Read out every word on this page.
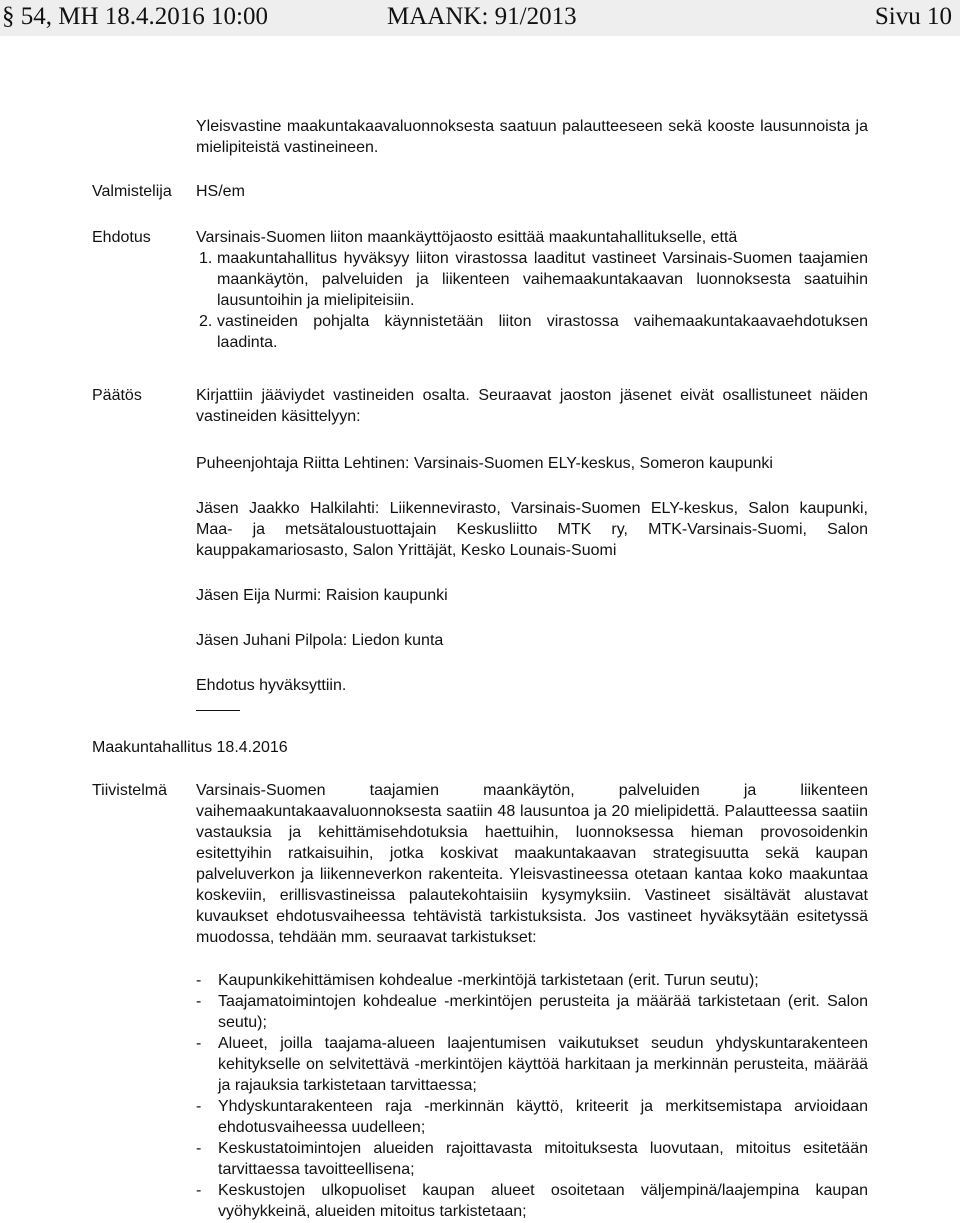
§ 54, MH 18.4.2016 10:00	MAANK: 91/2013	Sivu 10

Yleisvastine maakuntakaavaluonnoksesta saatuun palautteeseen sekä kooste lausunnoista ja mielipiteistä vastineineen.

Valmistelija HS/em

Ehdotus	Varsinais-Suomen liiton maankäyttöjaosto esittää maakuntahallitukselle, että

1. maakuntahallitus hyväksyy liiton virastossa laaditut vastineet Varsinais-Suomen taajamien maankäytön, palveluiden ja liikenteen vaihemaakuntakaavan luonnoksesta saatuihin lausuntoihin ja mielipiteisiin.
2. vastineiden pohjalta käynnistetään liiton virastossa vaihemaakuntakaavaehdotuksen laadinta.
Päätös	Kirjattiin jääviydet vastineiden osalta. Seuraavat jaoston jäsenet eivät osallistuneet näiden vastineiden käsittelyyn:

Puheenjohtaja Riitta Lehtinen: Varsinais-Suomen ELY-keskus, Someron kaupunki

Jäsen Jaakko Halkilahti: Liikennevirasto, Varsinais-Suomen ELY-keskus, Salon kaupunki, Maa- ja metsätaloustuottajain Keskusliitto MTK ry, MTK-Varsinais-Suomi, Salon kauppakamariosasto, Salon Yrittäjät, Kesko Lounais-Suomi

Jäsen Eija Nurmi: Raision kaupunki

Jäsen Juhani Pilpola: Liedon kunta

Ehdotus hyväksyttiin.

Maakuntahallitus 18.4.2016
Tiivistelmä Varsinais-Suomen taajamien maankäytön, palveluiden ja liikenteen vaihemaakuntakaavaluonnoksesta saatiin 48 lausuntoa ja 20 mielipidettä. Palautteessa saatiin vastauksia ja kehittämisehdotuksia haettuihin, luonnoksessa hieman provosoidenkin esitettyihin ratkaisuihin, jotka koskivat maakuntakaavan strategisuutta sekä kaupan palveluverkon ja liikenneverkon rakenteita. Yleisvastineessa otetaan kantaa koko maakuntaa koskeviin, erillisvastineissa palautekohtaisiin kysymyksiin. Vastineet sisältävät alustavat kuvaukset ehdotusvaiheessa tehtävistä tarkistuksista. Jos vastineet hyväksytään esitetyssä muodossa, tehdään mm. seuraavat tarkistukset:

- Kaupunkikehittämisen kohdealue -merkintöjä tarkistetaan (erit. Turun seutu);
- Taajamatoimintojen kohdealue -merkintöjen perusteita ja määrää tarkistetaan (erit. Salon seutu);
- Alueet, joilla taajama-alueen laajentumisen vaikutukset seudun yhdyskuntarakenteen kehitykselle on selvitettävä -merkintöjen käyttöä harkitaan ja merkinnän perusteita, määrää ja rajauksia tarkistetaan tarvittaessa;
- Yhdyskuntarakenteen raja -merkinnän käyttö, kriteerit ja merkitsemistapa arvioidaan ehdotusvaiheessa uudelleen;
- Keskustatoimintojen alueiden rajoittavasta mitoituksesta luovutaan, mitoitus esitetään tarvittaessa tavoitteellisena;
- Keskustojen ulkopuoliset kaupan alueet osoitetaan väljempinä/laajempina kaupan vyöhykkeinä, alueiden mitoitus tarkistetaan;
